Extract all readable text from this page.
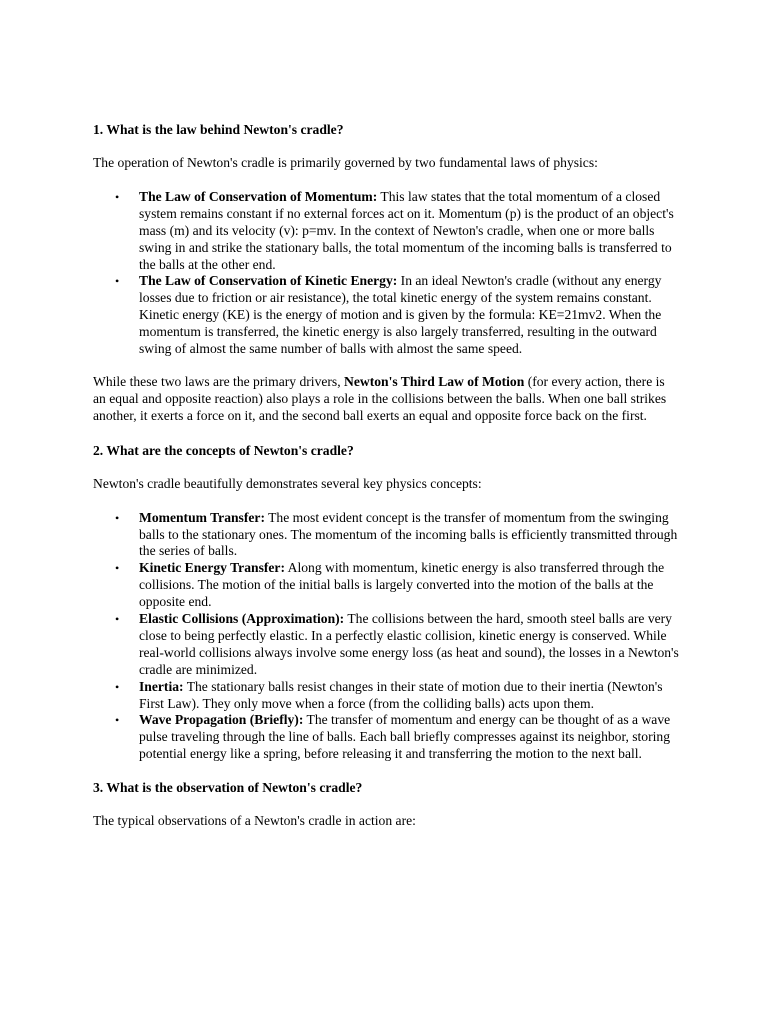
1. What is the law behind Newton's cradle?

The operation of Newton's cradle is primarily governed by two fundamental laws of physics:

• The Law of Conservation of Momentum: This law states that the total momentum of a closed system remains constant if no external forces act on it. Momentum (p) is the product of an object's mass (m) and its velocity (v): p=mv. In the context of Newton's cradle, when one or more balls swing in and strike the stationary balls, the total momentum of the incoming balls is transferred to the balls at the other end.
• The Law of Conservation of Kinetic Energy: In an ideal Newton's cradle (without any energy losses due to friction or air resistance), the total kinetic energy of the system remains constant. Kinetic energy (KE) is the energy of motion and is given by the formula: KE=21mv2. When the momentum is transferred, the kinetic energy is also largely transferred, resulting in the outward swing of almost the same number of balls with almost the same speed.

While these two laws are the primary drivers, Newton's Third Law of Motion (for every action, there is an equal and opposite reaction) also plays a role in the collisions between the balls. When one ball strikes another, it exerts a force on it, and the second ball exerts an equal and opposite force back on the first.

2. What are the concepts of Newton's cradle?

Newton's cradle beautifully demonstrates several key physics concepts:

• Momentum Transfer: The most evident concept is the transfer of momentum from the swinging balls to the stationary ones. The momentum of the incoming balls is efficiently transmitted through the series of balls.
• Kinetic Energy Transfer: Along with momentum, kinetic energy is also transferred through the collisions. The motion of the initial balls is largely converted into the motion of the balls at the opposite end.
• Elastic Collisions (Approximation): The collisions between the hard, smooth steel balls are very close to being perfectly elastic. In a perfectly elastic collision, kinetic energy is conserved. While real-world collisions always involve some energy loss (as heat and sound), the losses in a Newton's cradle are minimized.
• Inertia: The stationary balls resist changes in their state of motion due to their inertia (Newton's First Law). They only move when a force (from the colliding balls) acts upon them.
• Wave Propagation (Briefly): The transfer of momentum and energy can be thought of as a wave pulse traveling through the line of balls. Each ball briefly compresses against its neighbor, storing potential energy like a spring, before releasing it and transferring the motion to the next ball.
3. What is the observation of Newton's cradle?

The typical observations of a Newton's cradle in action are:
